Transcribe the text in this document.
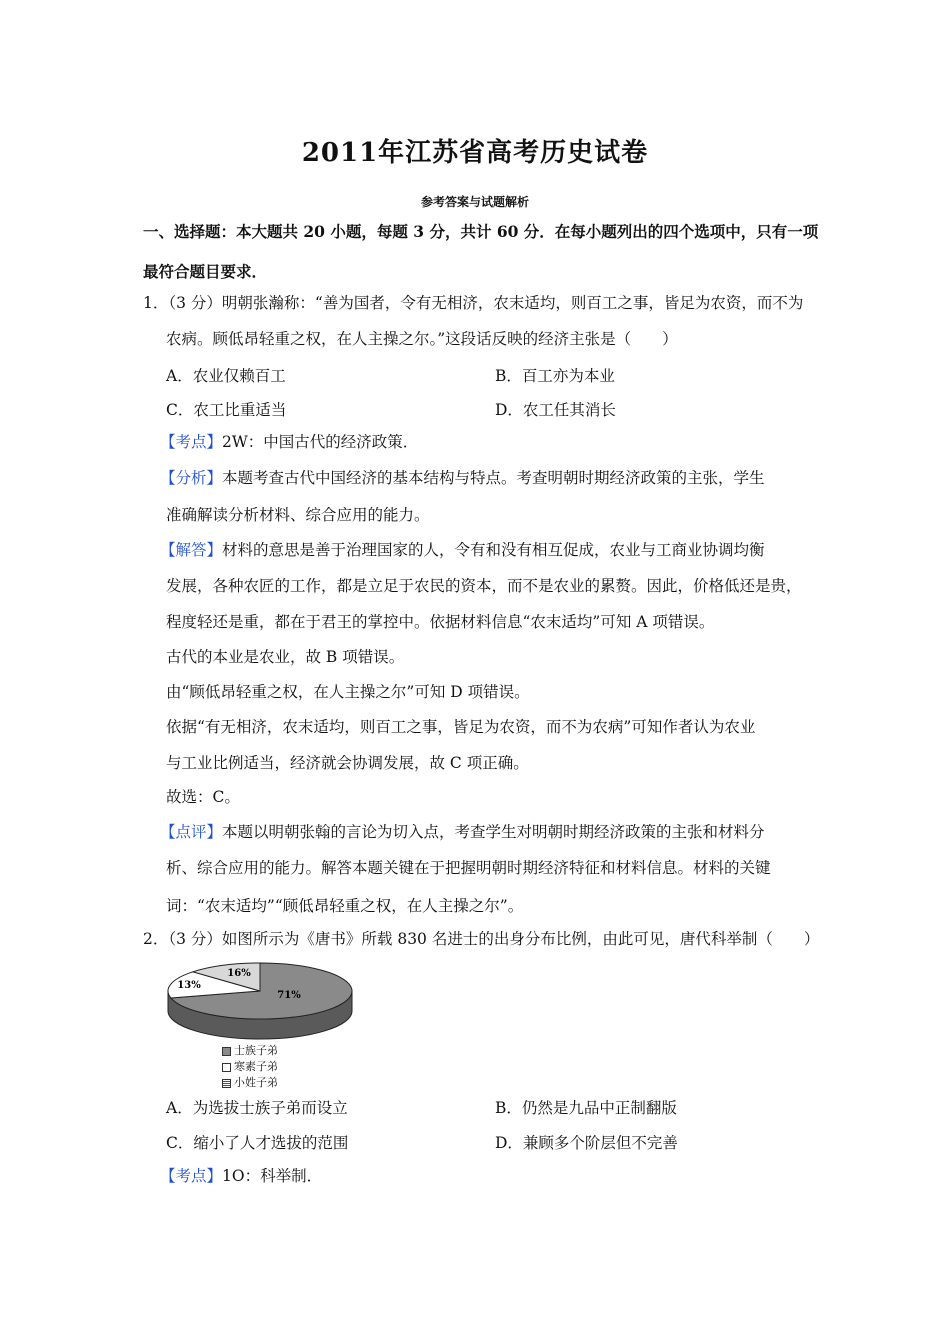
2011年江苏省高考历史试卷
参考答案与试题解析
一、选择题：本大题共 20 小题，每题 3 分，共计 60 分．在每小题列出的四个选项中，只有一项
最符合题目要求．
1．（3 分）明朝张瀚称：“善为国者，令有无相济，农末适均，则百工之事，皆足为农资，而不为
农病。顾低昂轻重之权，在人主操之尔。”这段话反映的经济主张是（　　）
A．农业仅赖百工	B．百工亦为本业
C．农工比重适当	D．农工任其消长
【考点】2W：中国古代的经济政策．
【分析】本题考查古代中国经济的基本结构与特点。考查明朝时期经济政策的主张，学生
准确解读分析材料、综合应用的能力。
【解答】材料的意思是善于治理国家的人，令有和没有相互促成，农业与工商业协调均衡
发展，各种农匠的工作，都是立足于农民的资本，而不是农业的累赘。因此，价格低还是贵，
程度轻还是重，都在于君王的掌控中。依据材料信息“农末适均”可知 A 项错误。
古代的本业是农业，故 B 项错误。
由“顾低昂轻重之权，在人主操之尔”可知 D 项错误。
依据“有无相济，农末适均，则百工之事，皆足为农资，而不为农病”可知作者认为农业
与工业比例适当，经济就会协调发展，故 C 项正确。
故选：C。
【点评】本题以明朝张翰的言论为切入点，考查学生对明朝时期经济政策的主张和材料分
析、综合应用的能力。解答本题关键在于把握明朝时期经济特征和材料信息。材料的关键
词：“农末适均”“顾低昂轻重之权，在人主操之尔”。
2．（3 分）如图所示为《唐书》所载 830 名进士的出身分布比例，由此可见，唐代科举制（　　）
71%
16%
13%
士族子弟
寒素子弟
小姓子弟
A．为选拔士族子弟而设立	B．仍然是九品中正制翻版
C．缩小了人才选拔的范围	D．兼顾多个阶层但不完善
【考点】1O：科举制．
